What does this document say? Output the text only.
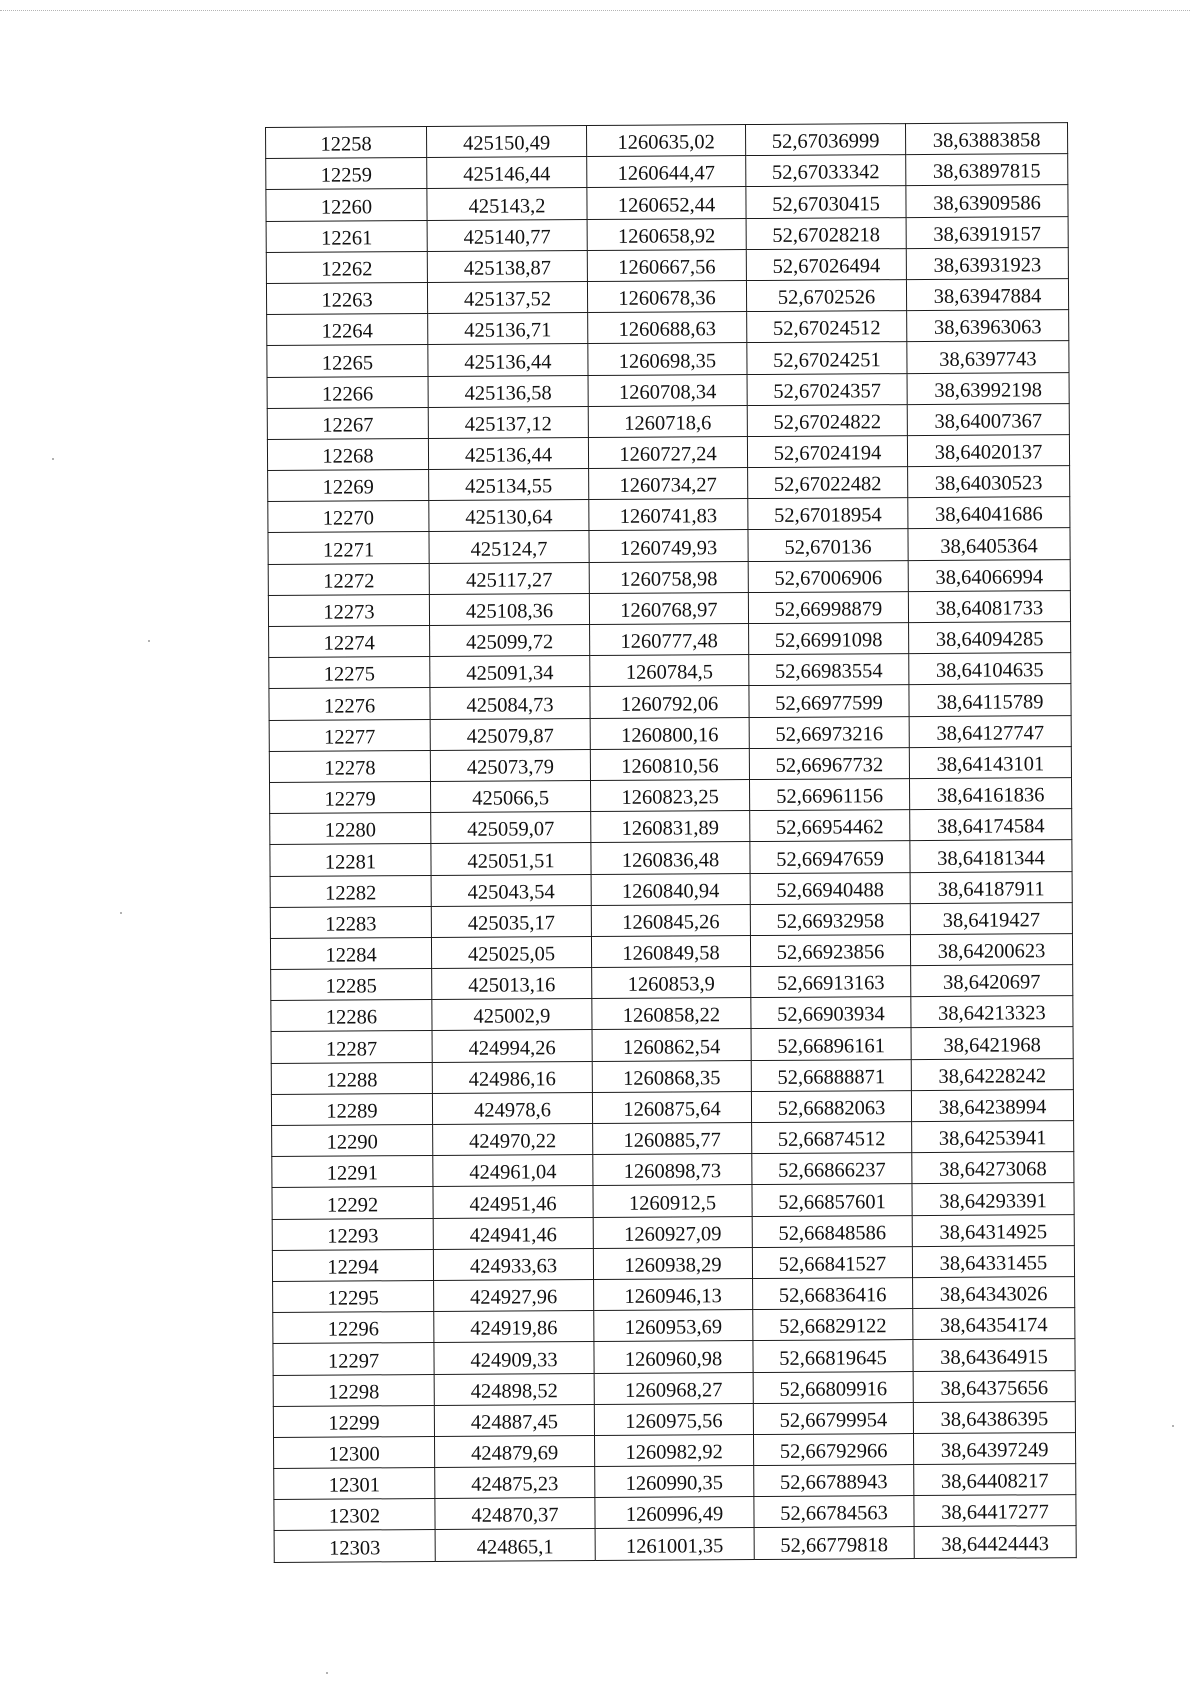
12258	425150,49	1260635,02	52,67036999	38,63883858
12259	425146,44	1260644,47	52,67033342	38,63897815
12260	425143,2	1260652,44	52,67030415	38,63909586
12261	425140,77	1260658,92	52,67028218	38,63919157
12262	425138,87	1260667,56	52,67026494	38,63931923
12263	425137,52	1260678,36	52,6702526	38,63947884
12264	425136,71	1260688,63	52,67024512	38,63963063
12265	425136,44	1260698,35	52,67024251	38,6397743
12266	425136,58	1260708,34	52,67024357	38,63992198
12267	425137,12	1260718,6	52,67024822	38,64007367
12268	425136,44	1260727,24	52,67024194	38,64020137
12269	425134,55	1260734,27	52,67022482	38,64030523
12270	425130,64	1260741,83	52,67018954	38,64041686
12271	425124,7	1260749,93	52,670136	38,6405364
12272	425117,27	1260758,98	52,67006906	38,64066994
12273	425108,36	1260768,97	52,66998879	38,64081733
12274	425099,72	1260777,48	52,66991098	38,64094285
12275	425091,34	1260784,5	52,66983554	38,64104635
12276	425084,73	1260792,06	52,66977599	38,64115789
12277	425079,87	1260800,16	52,66973216	38,64127747
12278	425073,79	1260810,56	52,66967732	38,64143101
12279	425066,5	1260823,25	52,66961156	38,64161836
12280	425059,07	1260831,89	52,66954462	38,64174584
12281	425051,51	1260836,48	52,66947659	38,64181344
12282	425043,54	1260840,94	52,66940488	38,64187911
12283	425035,17	1260845,26	52,66932958	38,6419427
12284	425025,05	1260849,58	52,66923856	38,64200623
12285	425013,16	1260853,9	52,66913163	38,6420697
12286	425002,9	1260858,22	52,66903934	38,64213323
12287	424994,26	1260862,54	52,66896161	38,6421968
12288	424986,16	1260868,35	52,66888871	38,64228242
12289	424978,6	1260875,64	52,66882063	38,64238994
12290	424970,22	1260885,77	52,66874512	38,64253941
12291	424961,04	1260898,73	52,66866237	38,64273068
12292	424951,46	1260912,5	52,66857601	38,64293391
12293	424941,46	1260927,09	52,66848586	38,64314925
12294	424933,63	1260938,29	52,66841527	38,64331455
12295	424927,96	1260946,13	52,66836416	38,64343026
12296	424919,86	1260953,69	52,66829122	38,64354174
12297	424909,33	1260960,98	52,66819645	38,64364915
12298	424898,52	1260968,27	52,66809916	38,64375656
12299	424887,45	1260975,56	52,66799954	38,64386395
12300	424879,69	1260982,92	52,66792966	38,64397249
12301	424875,23	1260990,35	52,66788943	38,64408217
12302	424870,37	1260996,49	52,66784563	38,64417277
12303	424865,1	1261001,35	52,66779818	38,64424443
